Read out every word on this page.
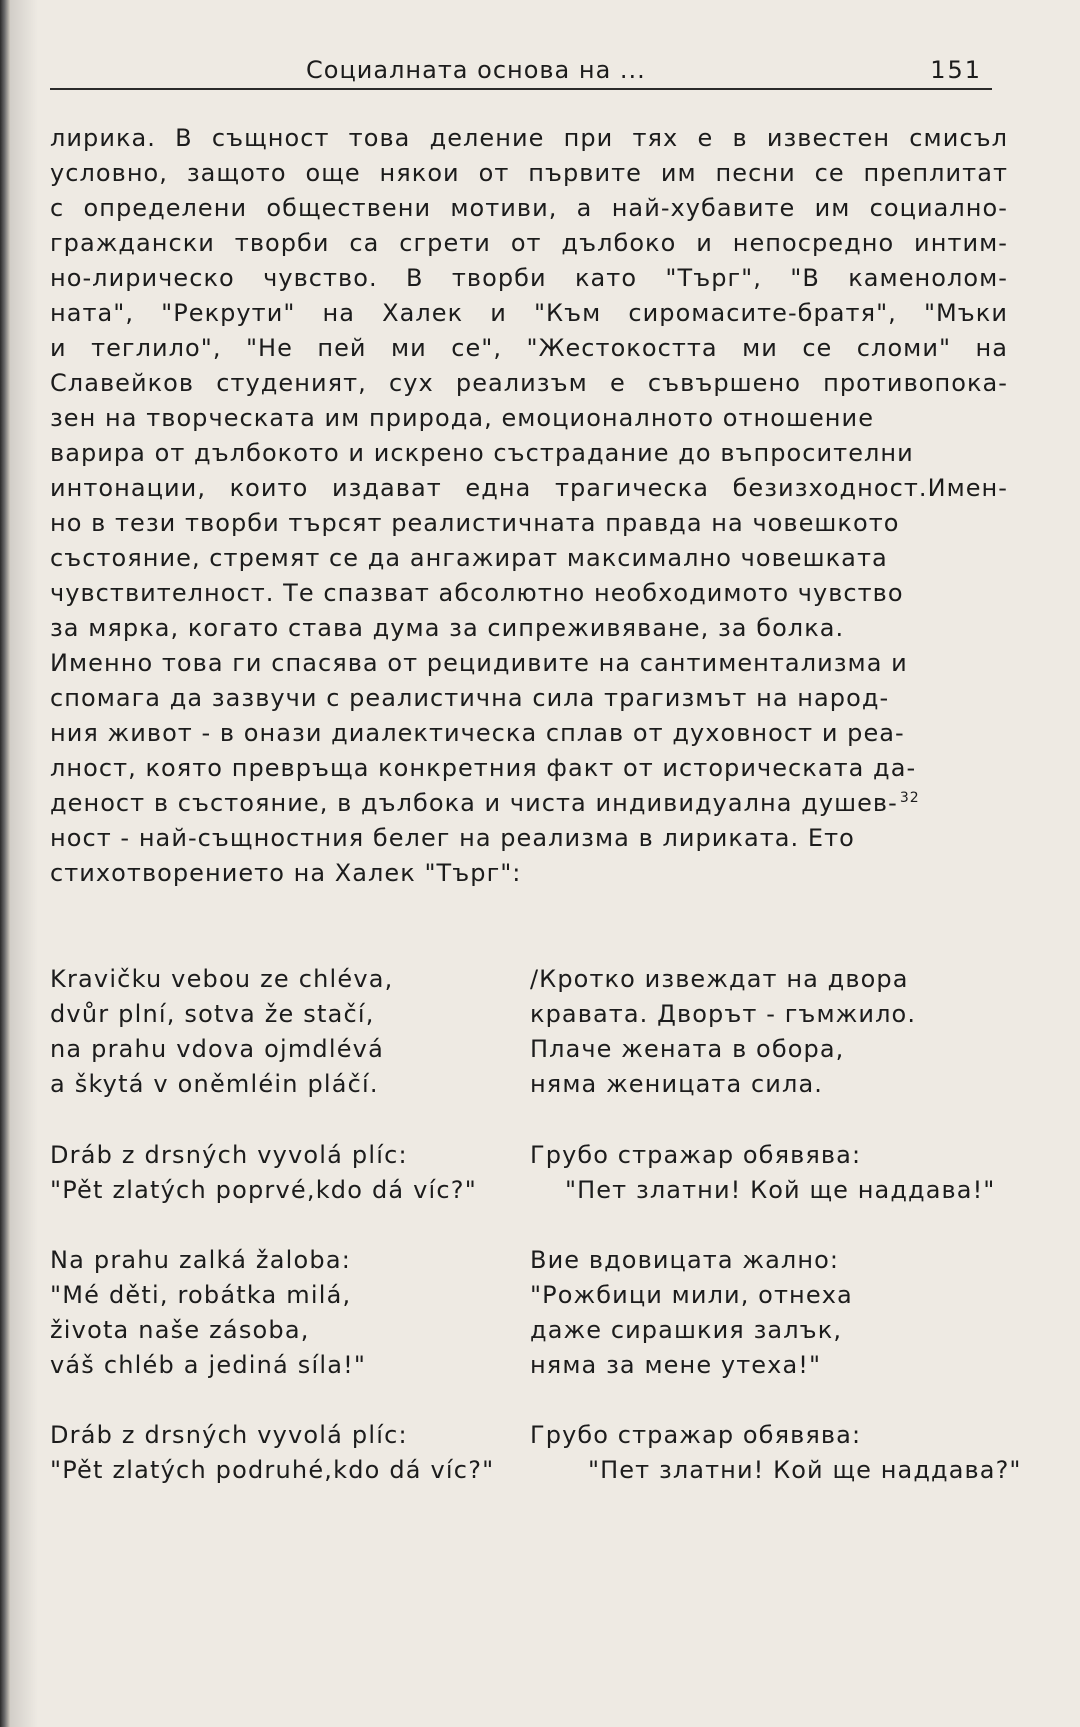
Социалната основа на ...	151
лирика. В същност това деление при тях е в известен смисъл
условно, защото още някои от първите им песни се преплитат
с определени обществени мотиви, а най-хубавите им социално-
граждански творби са сгрети от дълбоко и непосредно интим-
но-лирическо чувство. В творби като "Търг", "В каменолом-
ната", "Рекрути" на Халек и "Към сиромасите-братя", "Мъки
и теглило", "Не пей ми се", "Жестокостта ми се сломи" на
Славейков студеният, сух реализъм е съвършено противопока-
зен на творческата им природа, емоционалното отношение
варира от дълбокото и искрено състрадание до въпросителни
интонации, които издават една трагическа безизходност.Имен-
но в тези творби търсят реалистичната правда на човешкото
състояние, стремят се да ангажират максимално човешката
чувствителност. Те спазват абсолютно необходимото чувство
за мярка, когато става дума за сипреживяване, за болка.
Именно това ги спасява от рецидивите на сантиментализма и
спомага да зазвучи с реалистична сила трагизмът на народ-
ния живот - в онази диалектическа сплав от духовност и реа-
лност, която превръща конкретния факт от историческата да-
деност в състояние, в дълбока и чиста индивидуална душев- $^{32}$
ност - най-същностния белег на реализма в лириката. Ето
стихотворението на Халек "Търг":
Kravičku vebou ze chléva,	/Кротко извеждат на двора
dvůr plní, sotva že stačí,	кравата. Дворът - гъмжило.
na prahu vdova ojmdlévá	Плаче жената в обора,
a škytá v oněmléin pláčí.	няма женицата сила.
Dráb z drsných vyvolá plíc:	Грубо стражар обявява:
"Pět zlatých poprvé,kdo dá víc?"	"Пет златни! Кой ще наддава!"
Na prahu zalká žaloba:	Вие вдовицата жално:
"Mé děti, robátka milá,	"Рожбици мили, отнеха
života naše zásoba,	даже сирашкия залък,
váš chléb a jediná síla!"	няма за мене утеха!"
Dráb z drsných vyvolá plíc:	Грубо стражар обявява:
"Pět zlatých podruhé,kdo dá víc?"	"Пет златни! Кой ще наддава?"
